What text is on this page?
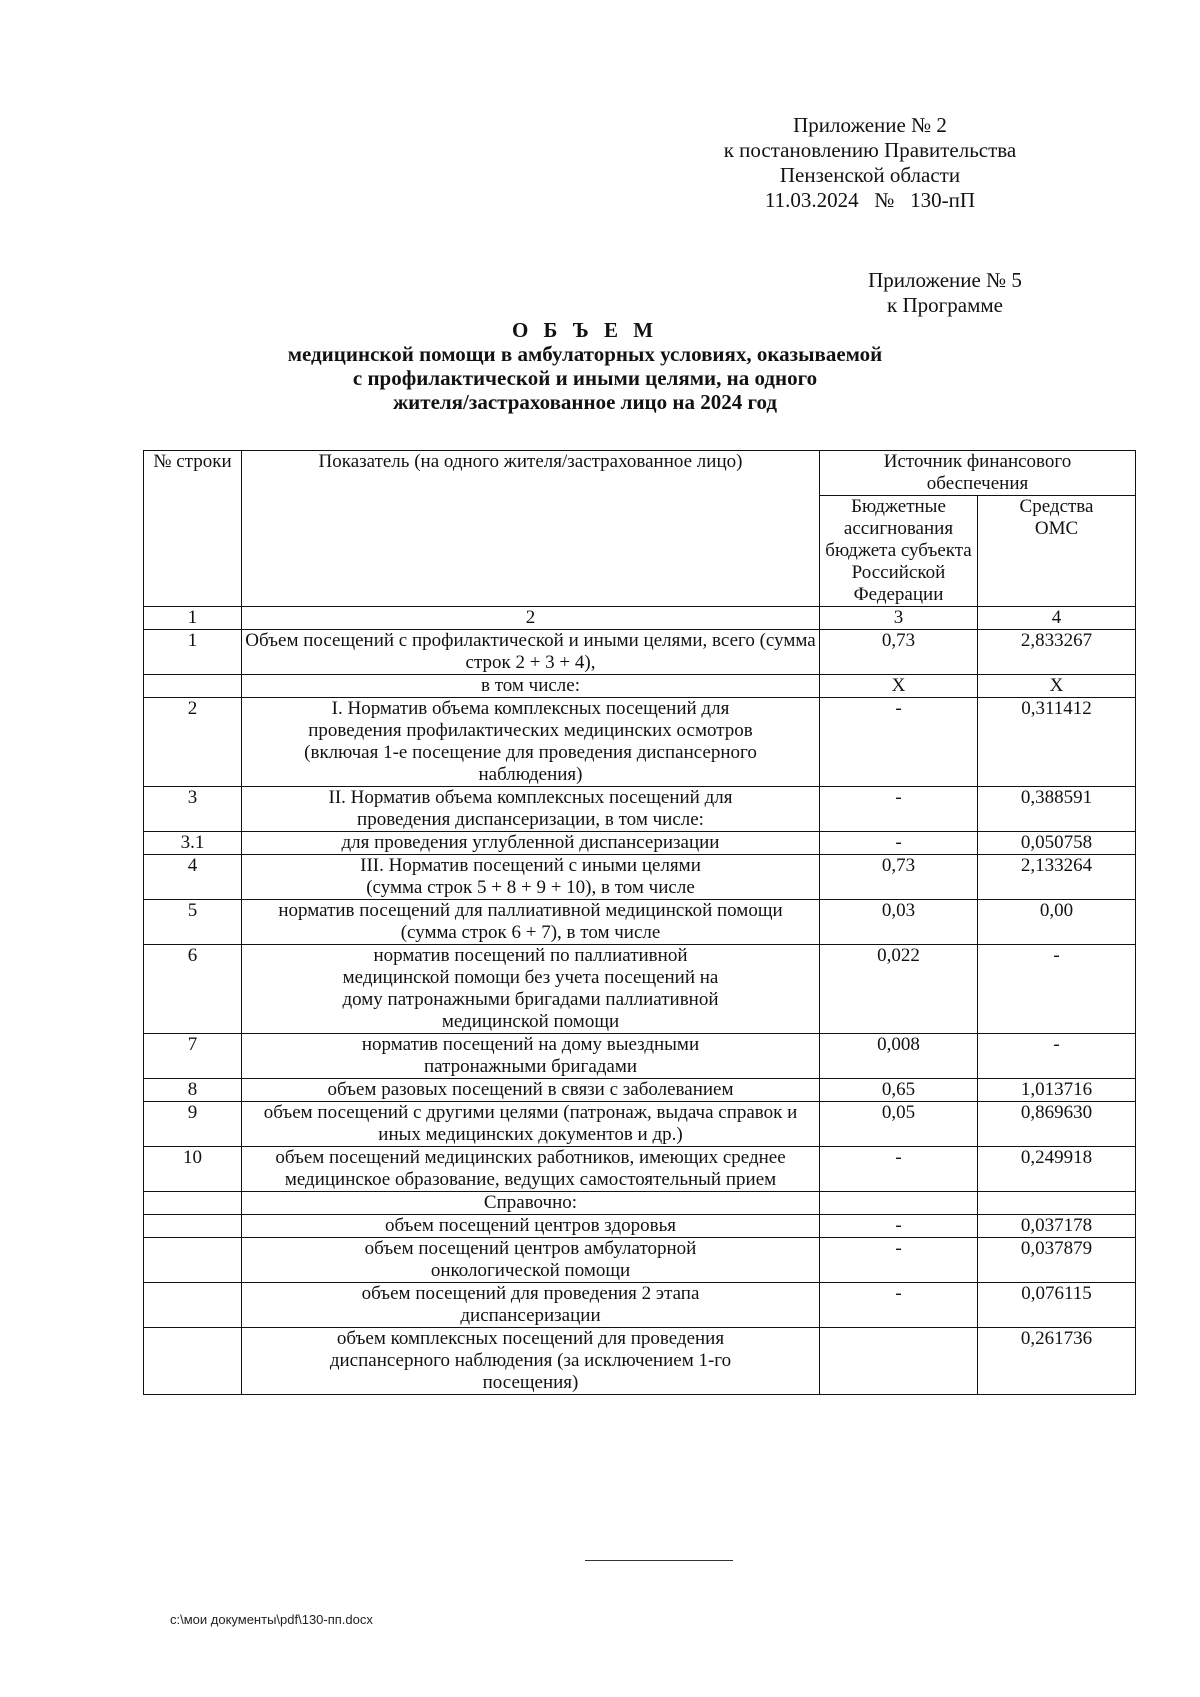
Приложение № 2
к постановлению Правительства
Пензенской области
11.03.2024   №   130-пП
Приложение № 5
к Программе
О Б Ъ Е М
медицинской помощи в амбулаторных условиях, оказываемой
с профилактической и иными целями, на одного
жителя/застрахованное лицо на 2024 год
№ строки	Показатель (на одного жителя/застрахованное лицо)	Источник финансового обеспечения	
		Бюджетные ассигнования бюджета субъекта Российской Федерации	Средства ОМС
1	2	3	4
1	Объем посещений с профилактической и иными целями, всего (сумма строк 2 + 3 + 4),	0,73	2,833267
	в том числе:	Х	Х
2	I. Норматив объема комплексных посещений для проведения профилактических медицинских осмотров (включая 1-е посещение для проведения диспансерного наблюдения)	-	0,311412
3	II. Норматив объема комплексных посещений для проведения диспансеризации, в том числе:	-	0,388591
3.1	для проведения углубленной диспансеризации	-	0,050758
4	III. Норматив посещений с иными целями (сумма строк 5 + 8 + 9 + 10), в том числе	0,73	2,133264
5	норматив посещений для паллиативной медицинской помощи (сумма строк 6 + 7), в том числе	0,03	0,00
6	норматив посещений по паллиативной медицинской помощи без учета посещений на дому патронажными бригадами паллиативной медицинской помощи	0,022	-
7	норматив посещений на дому выездными патронажными бригадами	0,008	-
8	объем разовых посещений в связи с заболеванием	0,65	1,013716
9	объем посещений с другими целями (патронаж, выдача справок и иных медицинских документов и др.)	0,05	0,869630
10	объем посещений медицинских работников, имеющих среднее медицинское образование, ведущих самостоятельный прием	-	0,249918
	Справочно:		
	объем посещений центров здоровья	-	0,037178
	объем посещений центров амбулаторной онкологической помощи	-	0,037879
	объем посещений для проведения 2 этапа диспансеризации	-	0,076115
	объем комплексных посещений для проведения диспансерного наблюдения (за исключением 1-го посещения)		0,261736
c:\мои документы\pdf\130-пп.docx
